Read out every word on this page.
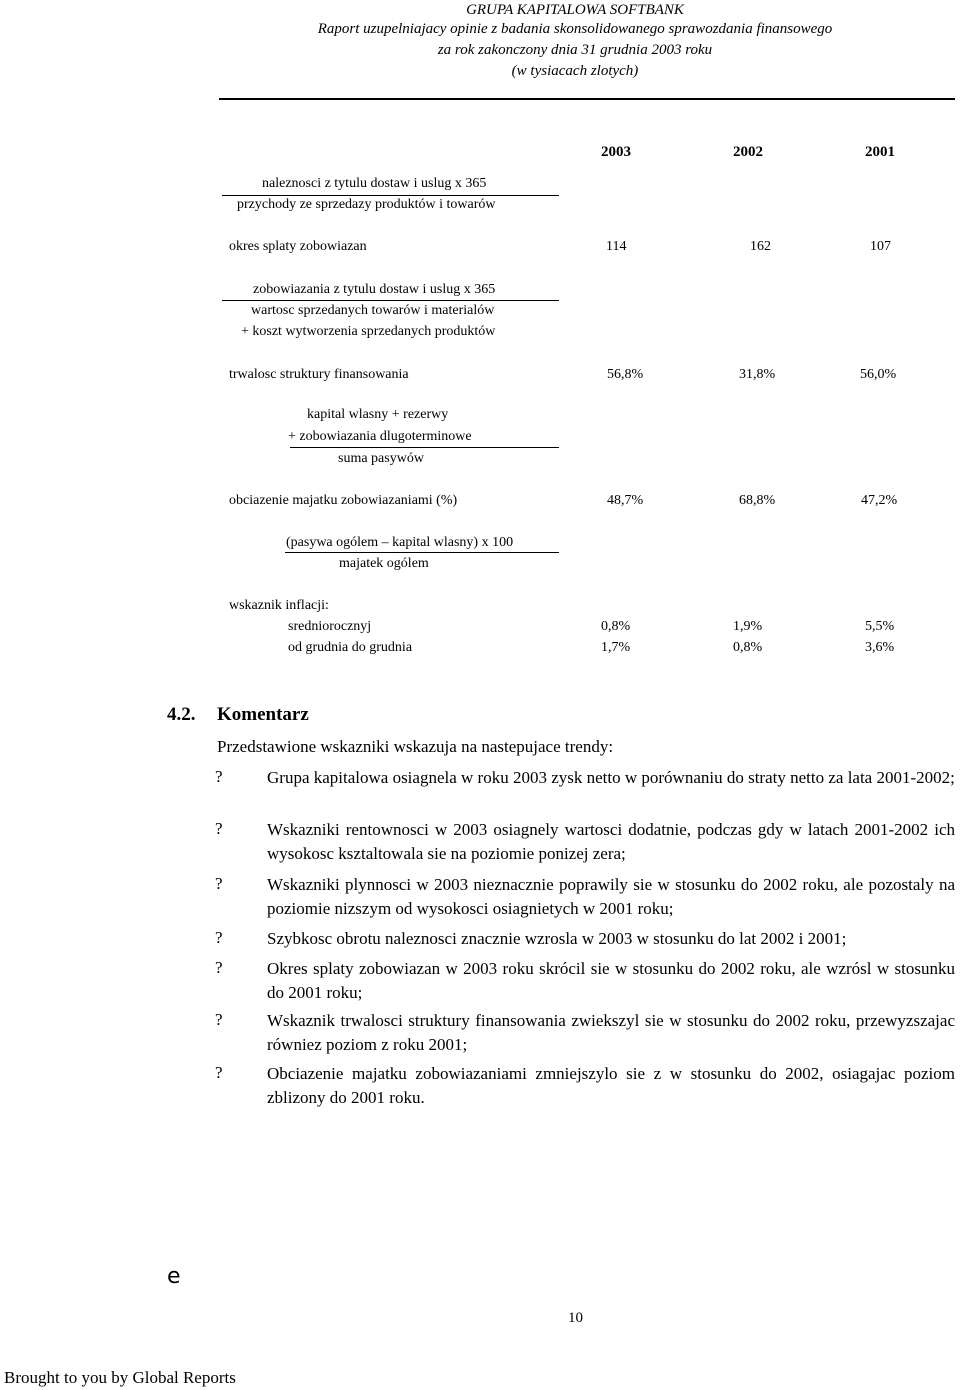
GRUPA KAPITALOWA SOFTBANK
Raport uzupelniajacy opinie z badania skonsolidowanego sprawozdania finansowego
za rok zakonczony dnia 31 grudnia 2003 roku
(w tysiacach zlotych)
2003	2002	2001
naleznosci z tytulu dostaw i uslug x 365
przychody ze sprzedazy produktów i towarów
okres splaty zobowiazan	114	162	107
zobowiazania z tytulu dostaw i uslug x 365
wartosc sprzedanych towarów i materialów
+ koszt wytworzenia sprzedanych produktów
trwalosc struktury finansowania	56,8%	31,8%	56,0%
kapital wlasny + rezerwy
+ zobowiazania dlugoterminowe
suma pasywów
obciazenie majatku zobowiazaniami (%)	48,7%	68,8%	47,2%
(pasywa ogólem – kapital wlasny) x 100
majatek ogólem
wskaznik inflacji:
sredniorocznyj	0,8%	1,9%	5,5%
od grudnia do grudnia	1,7%	0,8%	3,6%
4.2. Komentarz
Przedstawione wskazniki wskazuja na nastepujace trendy:
?	Grupa kapitalowa osiagnela w roku 2003 zysk netto w porównaniu do straty netto za lata 2001-2002;
?	Wskazniki rentownosci w 2003 osiagnely wartosci dodatnie, podczas gdy w latach 2001-2002 ich wysokosc ksztaltowala sie na poziomie ponizej zera;
?	Wskazniki plynnosci w 2003 nieznacznie poprawily sie w stosunku do 2002 roku, ale pozostaly na poziomie nizszym od wysokosci osiagnietych w 2001 roku;
?	Szybkosc obrotu naleznosci znacznie wzrosla w 2003 w stosunku do lat 2002 i 2001;
?	Okres splaty zobowiazan w 2003 roku skrócil sie w stosunku do 2002 roku, ale wzrósl w stosunku do 2001 roku;
?	Wskaznik trwalosci struktury finansowania zwiekszyl sie w stosunku do 2002 roku, przewyzszajac równiez poziom z roku 2001;
?	Obciazenie majatku zobowiazaniami zmniejszylo sie z w stosunku do 2002, osiagajac poziom zblizony do 2001 roku.
e
10
Brought to you by Global Reports
